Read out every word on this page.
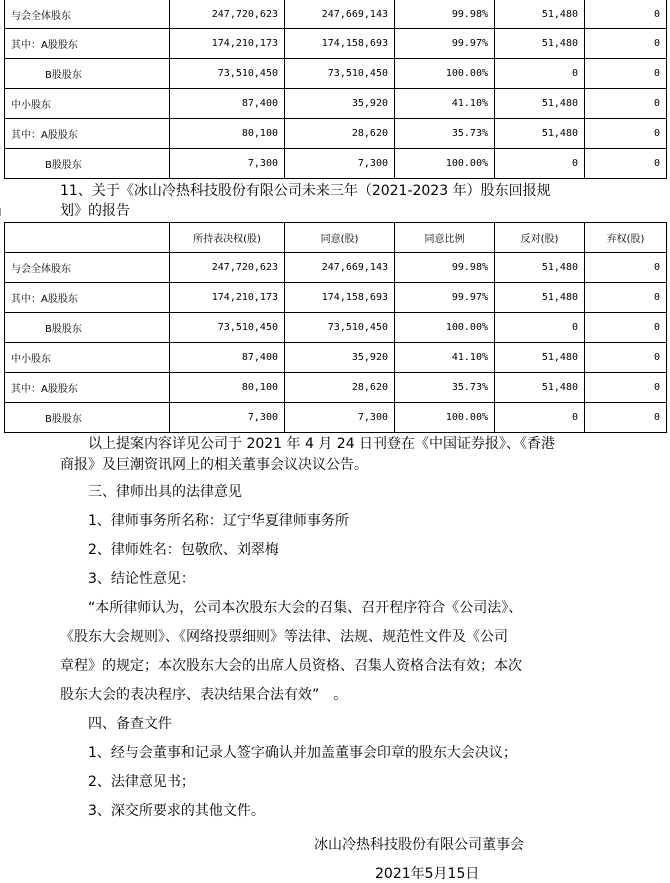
与会全体股东	247,720,623	247,669,143	99.98%	51,480	0
其中：A股股东	174,210,173	174,158,693	99.97%	51,480	0
B股股东	73,510,450	73,510,450	100.00%	0	0
中小股东	87,400	35,920	41.10%	51,480	0
其中：A股股东	80,100	28,620	35.73%	51,480	0
B股股东	7,300	7,300	100.00%	0	0

11、关于《冰山冷热科技股份有限公司未来三年（2021-2023 年）股东回报规

划》的报告

	所持表决权(股)	同意(股)	同意比例	反对(股)	弃权(股)
与会全体股东	247,720,623	247,669,143	99.98%	51,480	0
其中：A股股东	174,210,173	174,158,693	99.97%	51,480	0
B股股东	73,510,450	73,510,450	100.00%	0	0
中小股东	87,400	35,920	41.10%	51,480	0
其中：A股股东	80,100	28,620	35.73%	51,480	0
B股股东	7,300	7,300	100.00%	0	0

以上提案内容详见公司于 2021 年 4 月 24 日刊登在《中国证券报》、《香港

商报》及巨潮资讯网上的相关董事会议决议公告。

三、律师出具的法律意见

1、律师事务所名称：辽宁华夏律师事务所

2、律师姓名：包敬欣、刘翠梅

3、结论性意见：

“本所律师认为，公司本次股东大会的召集、召开程序符合《公司法》、

《股东大会规则》、《网络投票细则》等法律、法规、规范性文件及《公司

章程》的规定；本次股东大会的出席人员资格、召集人资格合法有效；本次

股东大会的表决程序、表决结果合法有效”　。

四、备查文件

1、经与会董事和记录人签字确认并加盖董事会印章的股东大会决议；

2、法律意见书；

3、深交所要求的其他文件。

冰山冷热科技股份有限公司董事会
2021年5月15日
